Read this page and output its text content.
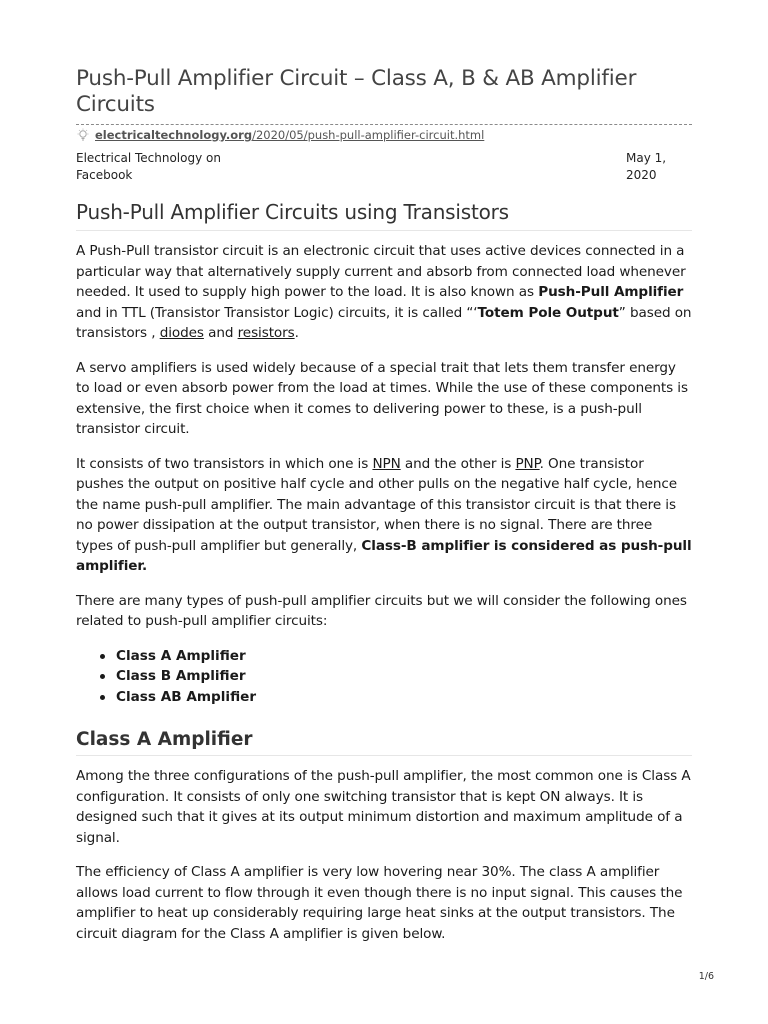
Push-Pull Amplifier Circuit – Class A, B & AB Amplifier Circuits
electricaltechnology.org/2020/05/push-pull-amplifier-circuit.html
Electrical Technology on Facebook
May 1, 2020
Push-Pull Amplifier Circuits using Transistors

A Push-Pull transistor circuit is an electronic circuit that uses active devices connected in a particular way that alternatively supply current and absorb from connected load whenever needed. It used to supply high power to the load. It is also known as Push-Pull Amplifier and in TTL (Transistor Transistor Logic) circuits, it is called “‘Totem Pole Output” based on transistors , diodes and resistors.

A servo amplifiers is used widely because of a special trait that lets them transfer energy to load or even absorb power from the load at times. While the use of these components is extensive, the first choice when it comes to delivering power to these, is a push-pull transistor circuit.

It consists of two transistors in which one is NPN and the other is PNP. One transistor pushes the output on positive half cycle and other pulls on the negative half cycle, hence the name push-pull amplifier. The main advantage of this transistor circuit is that there is no power dissipation at the output transistor, when there is no signal. There are three types of push-pull amplifier but generally, Class-B amplifier is considered as push-pull amplifier.

There are many types of push-pull amplifier circuits but we will consider the following ones related to push-pull amplifier circuits:

Class A Amplifier
Class B Amplifier
Class AB Amplifier
Class A Amplifier

Among the three configurations of the push-pull amplifier, the most common one is Class A configuration. It consists of only one switching transistor that is kept ON always. It is designed such that it gives at its output minimum distortion and maximum amplitude of a signal.

The efficiency of Class A amplifier is very low hovering near 30%. The class A amplifier allows load current to flow through it even though there is no input signal. This causes the amplifier to heat up considerably requiring large heat sinks at the output transistors. The circuit diagram for the Class A amplifier is given below.

1/6
